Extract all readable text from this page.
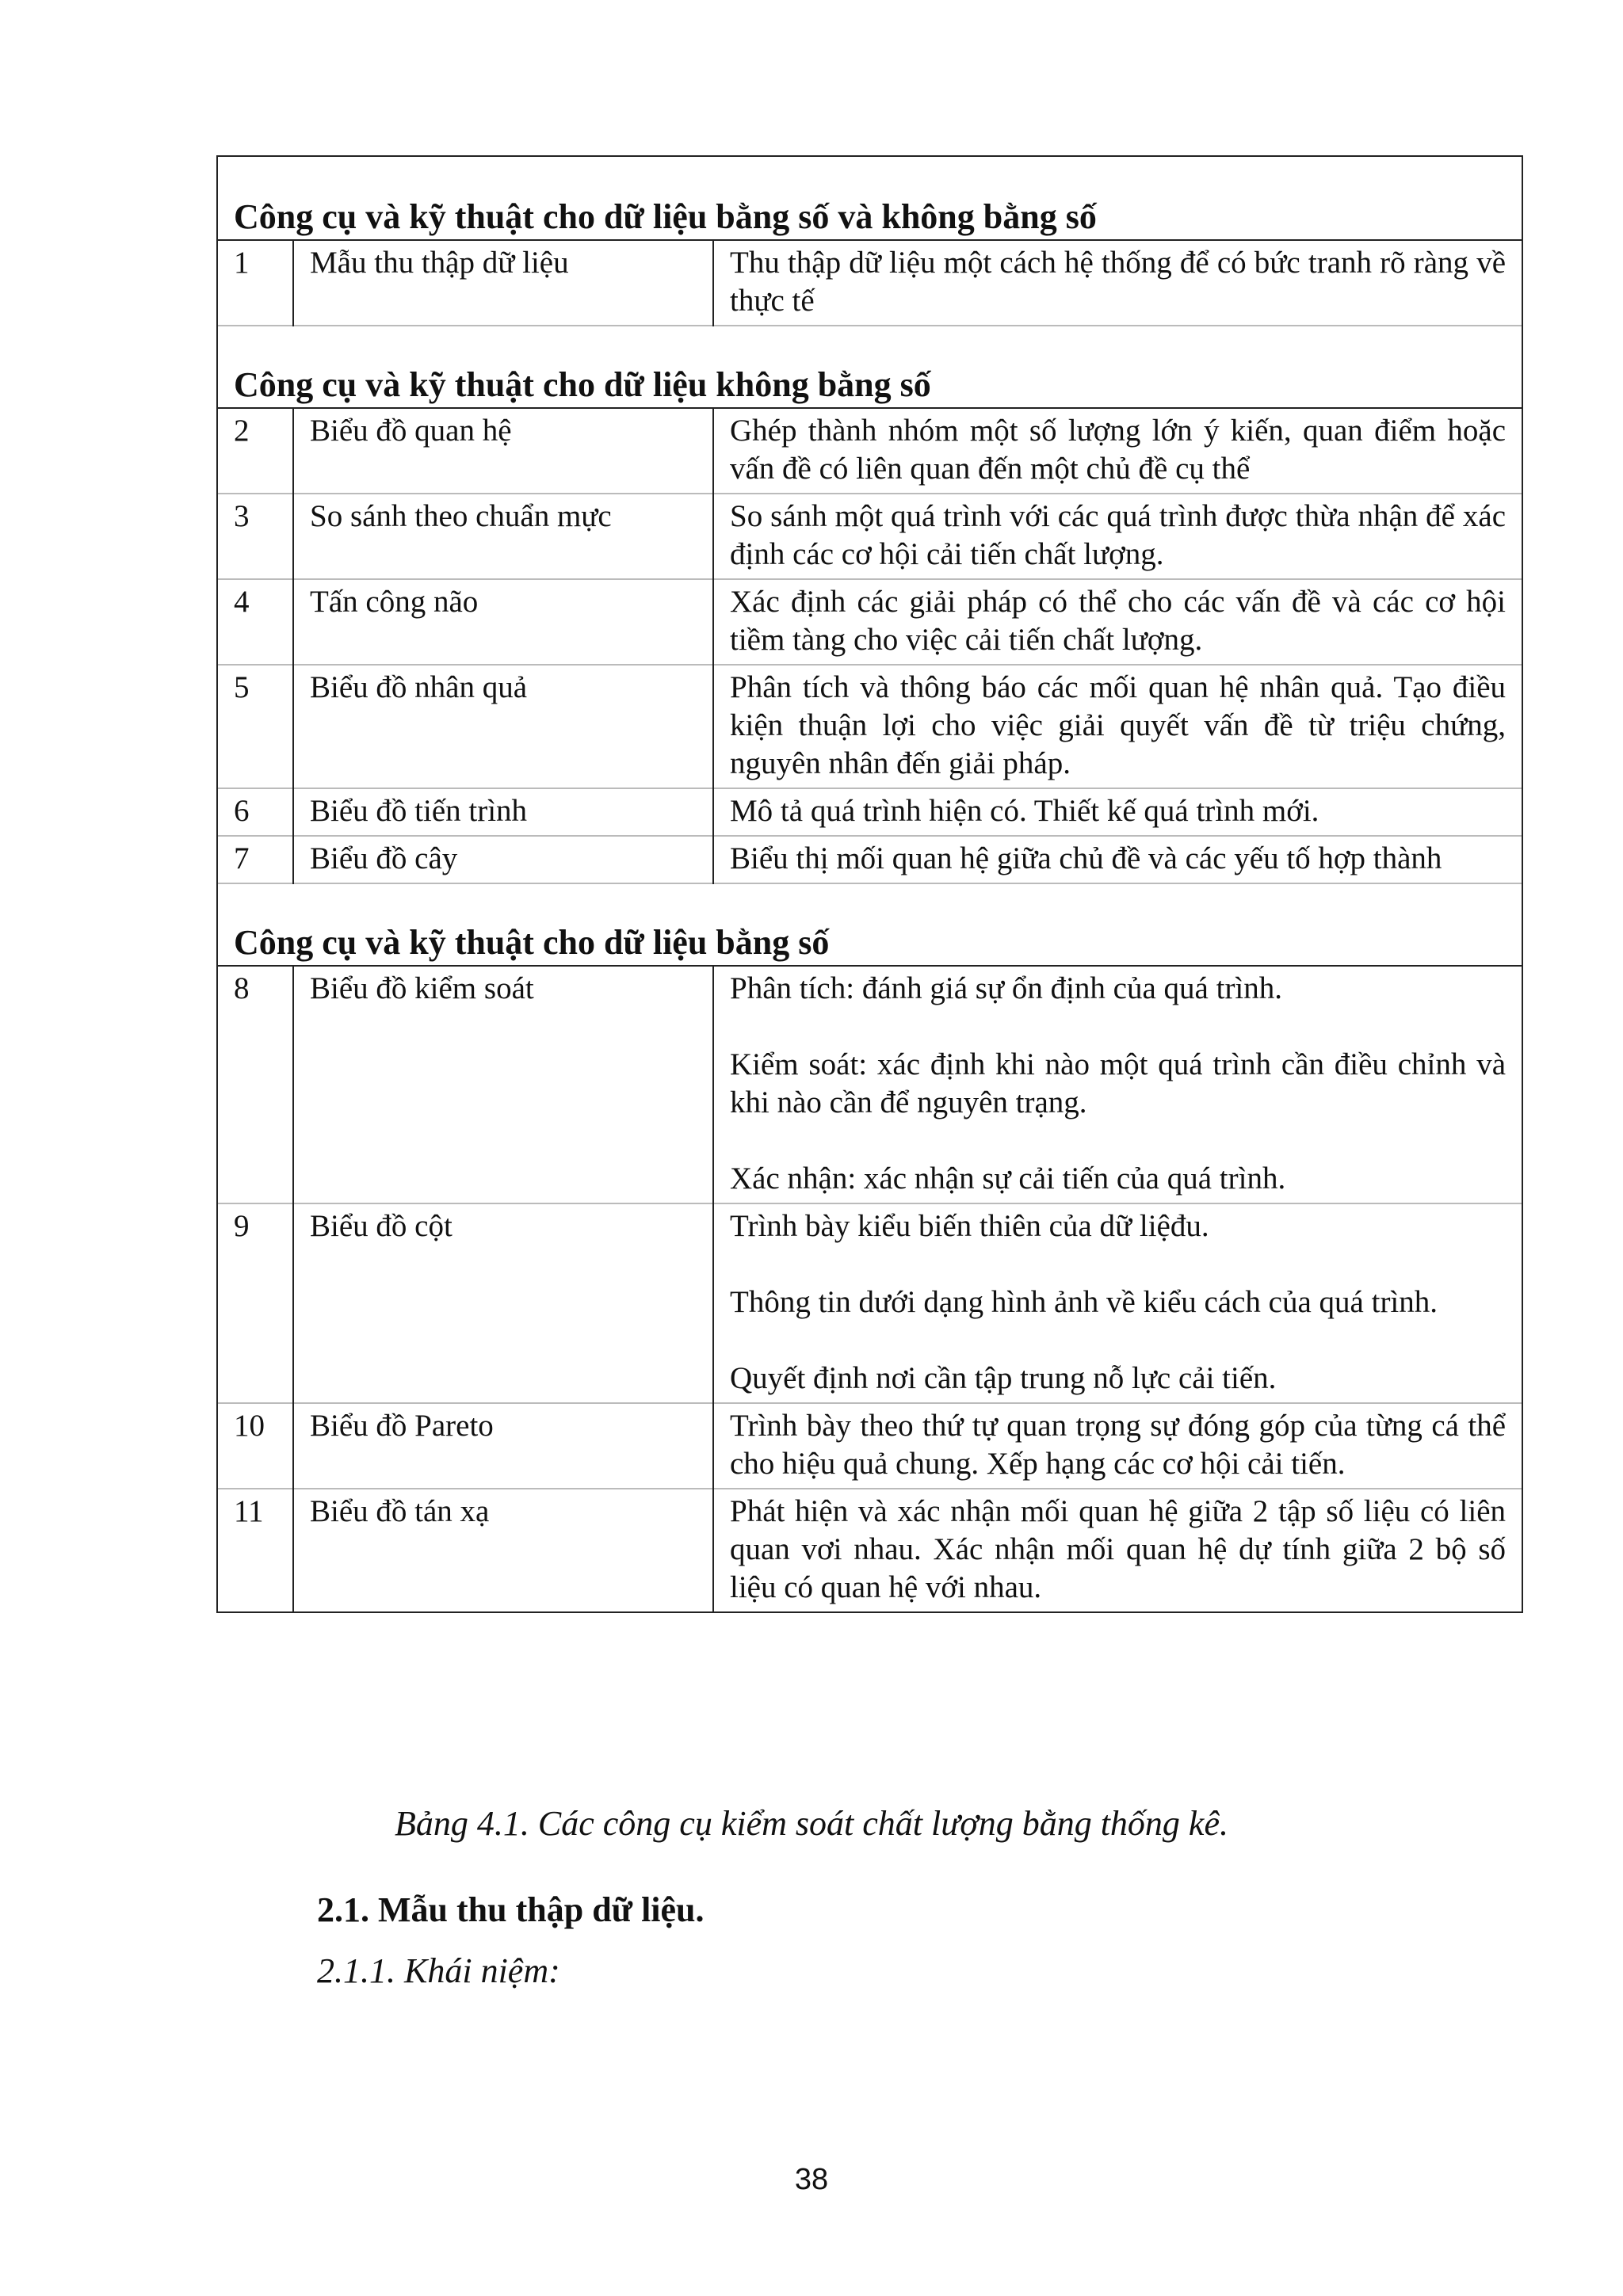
Công cụ và kỹ thuật cho dữ liệu bằng số và không bằng số		
1	Mẫu thu thập dữ liệu	Thu thập dữ liệu một cách hệ thống để có bức tranh rõ ràng về thực tế

Công cụ và kỹ thuật cho dữ liệu không bằng số		
2	Biểu đồ quan hệ	Ghép thành nhóm một số lượng lớn ý kiến, quan điểm hoặc vấn đề có liên quan đến một chủ đề cụ thể

3	So sánh theo chuẩn mực	So sánh một quá trình với các quá trình được thừa nhận để xác định các cơ hội cải tiến chất lượng.

4	Tấn công não	Xác định các giải pháp có thể cho các vấn đề và các cơ hội tiềm tàng cho việc cải tiến chất lượng.

5	Biểu đồ nhân quả	Phân tích và thông báo các mối quan hệ nhân quả. Tạo điều kiện thuận lợi cho việc giải quyết vấn đề từ triệu chứng, nguyên nhân đến giải pháp.

6	Biểu đồ tiến trình	Mô tả quá trình hiện có. Thiết kế quá trình mới.

7	Biểu đồ cây	Biểu thị mối quan hệ giữa chủ đề và các yếu tố hợp thành

Công cụ và kỹ thuật cho dữ liệu bằng số		
8	Biểu đồ kiểm soát	Phân tích: đánh giá sự ổn định của quá trình.

Kiểm soát: xác định khi nào một quá trình cần điều chỉnh và khi nào cần để nguyên trạng.

Xác nhận: xác nhận sự cải tiến của quá trình.

9	Biểu đồ cột	Trình bày kiểu biến thiên của dữ liệđu.

Thông tin dưới dạng hình ảnh về kiểu cách của quá trình.

Quyết định nơi cần tập trung nỗ lực cải tiến.

10	Biểu đồ Pareto	Trình bày theo thứ tự quan trọng sự đóng góp của từng cá thể cho hiệu quả chung. Xếp hạng các cơ hội cải tiến.

11	Biểu đồ tán xạ	Phát hiện và xác nhận mối quan hệ giữa 2 tập số liệu có liên quan vơi nhau. Xác nhận mối quan hệ dự tính giữa 2 bộ số liệu có quan hệ với nhau.

Bảng 4.1. Các công cụ kiểm soát chất lượng bằng thống kê.
2.1. Mẫu thu thập dữ liệu.
2.1.1. Khái niệm:
38
